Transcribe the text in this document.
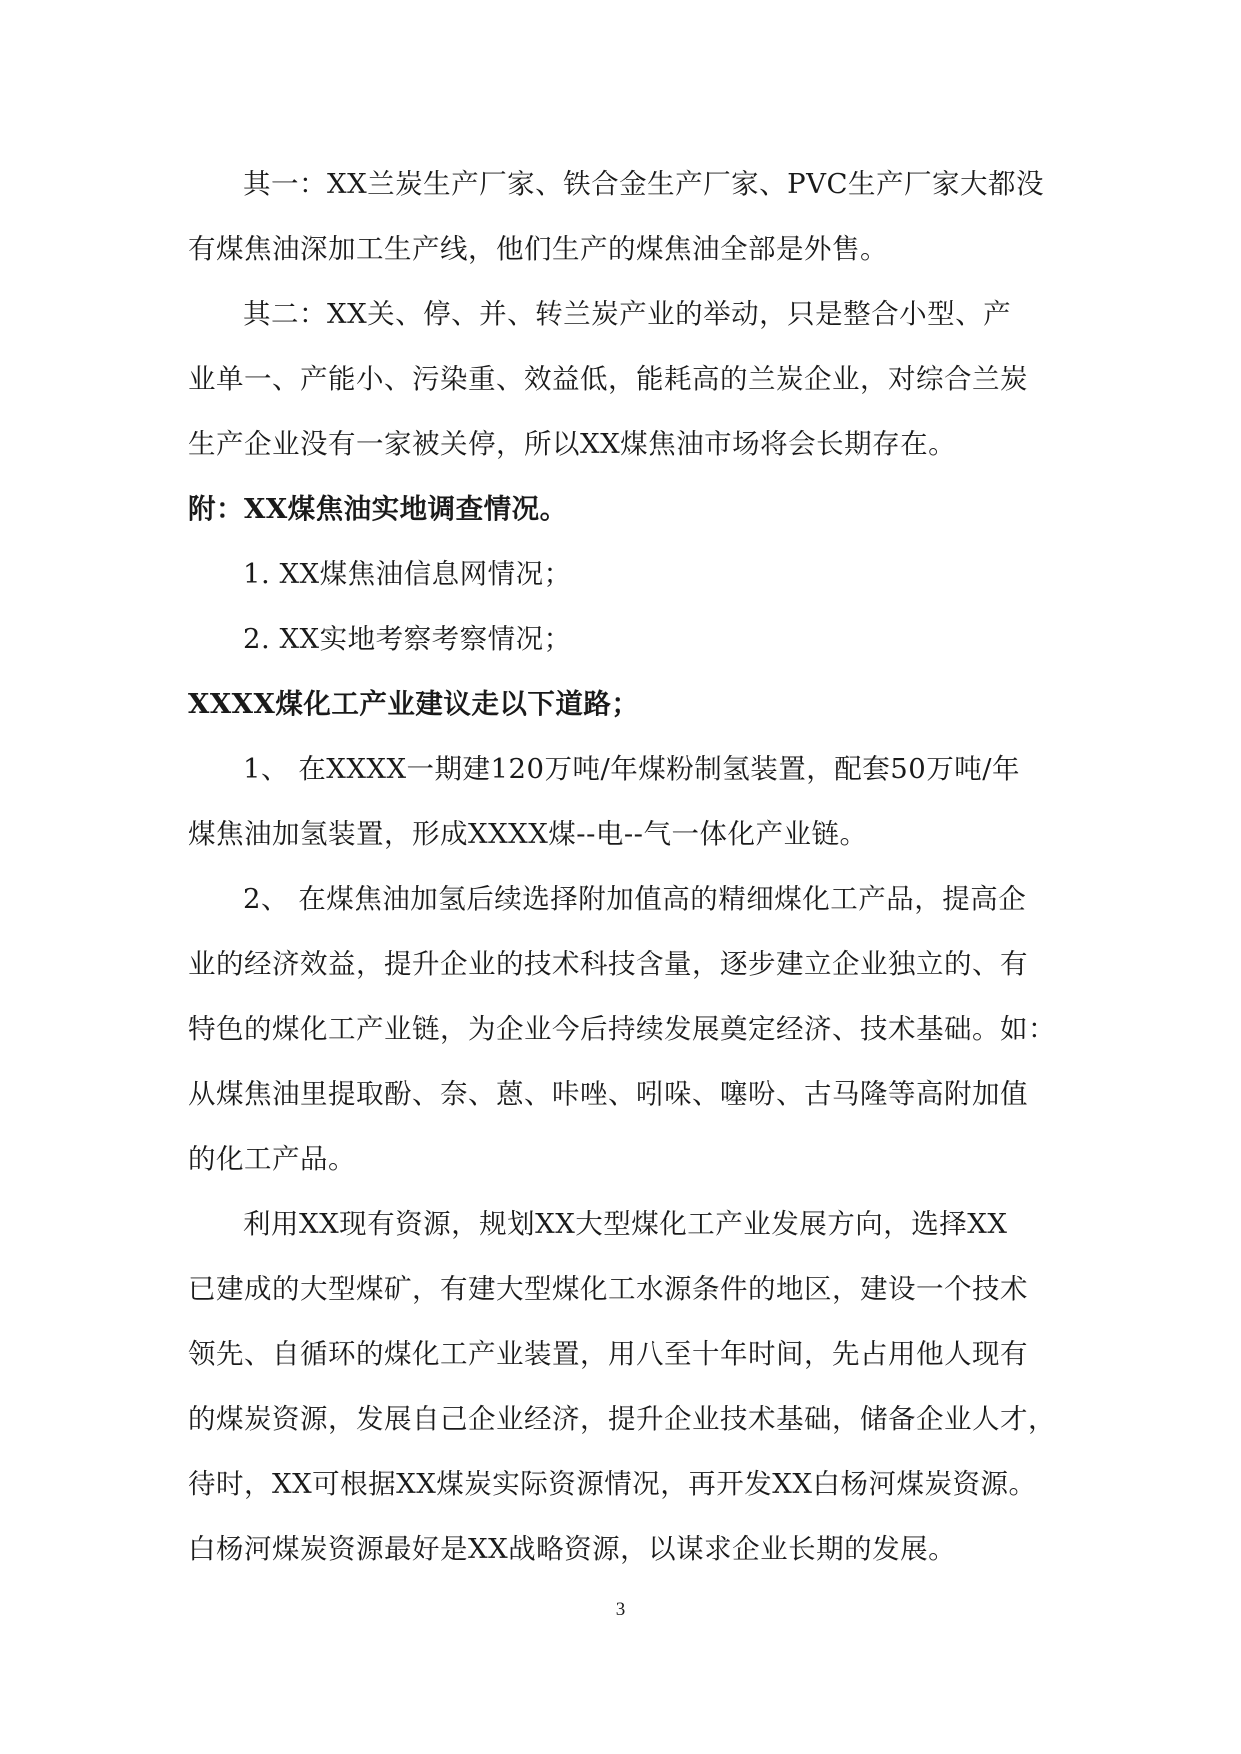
其一：XX兰炭生产厂家、铁合金生产厂家、PVC生产厂家大都没
有煤焦油深加工生产线，他们生产的煤焦油全部是外售。
其二：XX关、停、并、转兰炭产业的举动，只是整合小型、产
业单一、产能小、污染重、效益低，能耗高的兰炭企业，对综合兰炭
生产企业没有一家被关停，所以XX煤焦油市场将会长期存在。
附：XX煤焦油实地调查情况。
1. XX煤焦油信息网情况；
2. XX实地考察考察情况；
XXXX煤化工产业建议走以下道路；
1、 在XXXX一期建120万吨/年煤粉制氢装置，配套50万吨/年
煤焦油加氢装置，形成XXXX煤--电--气一体化产业链。
2、 在煤焦油加氢后续选择附加值高的精细煤化工产品，提高企
业的经济效益，提升企业的技术科技含量，逐步建立企业独立的、有
特色的煤化工产业链，为企业今后持续发展奠定经济、技术基础。如：
从煤焦油里提取酚、奈、蒽、咔唑、吲哚、噻吩、古马隆等高附加值
的化工产品。
利用XX现有资源，规划XX大型煤化工产业发展方向，选择XX
已建成的大型煤矿，有建大型煤化工水源条件的地区，建设一个技术
领先、自循环的煤化工产业装置，用八至十年时间，先占用他人现有
的煤炭资源，发展自己企业经济，提升企业技术基础，储备企业人才，
待时，XX可根据XX煤炭实际资源情况，再开发XX白杨河煤炭资源。
白杨河煤炭资源最好是XX战略资源，以谋求企业长期的发展。
3
